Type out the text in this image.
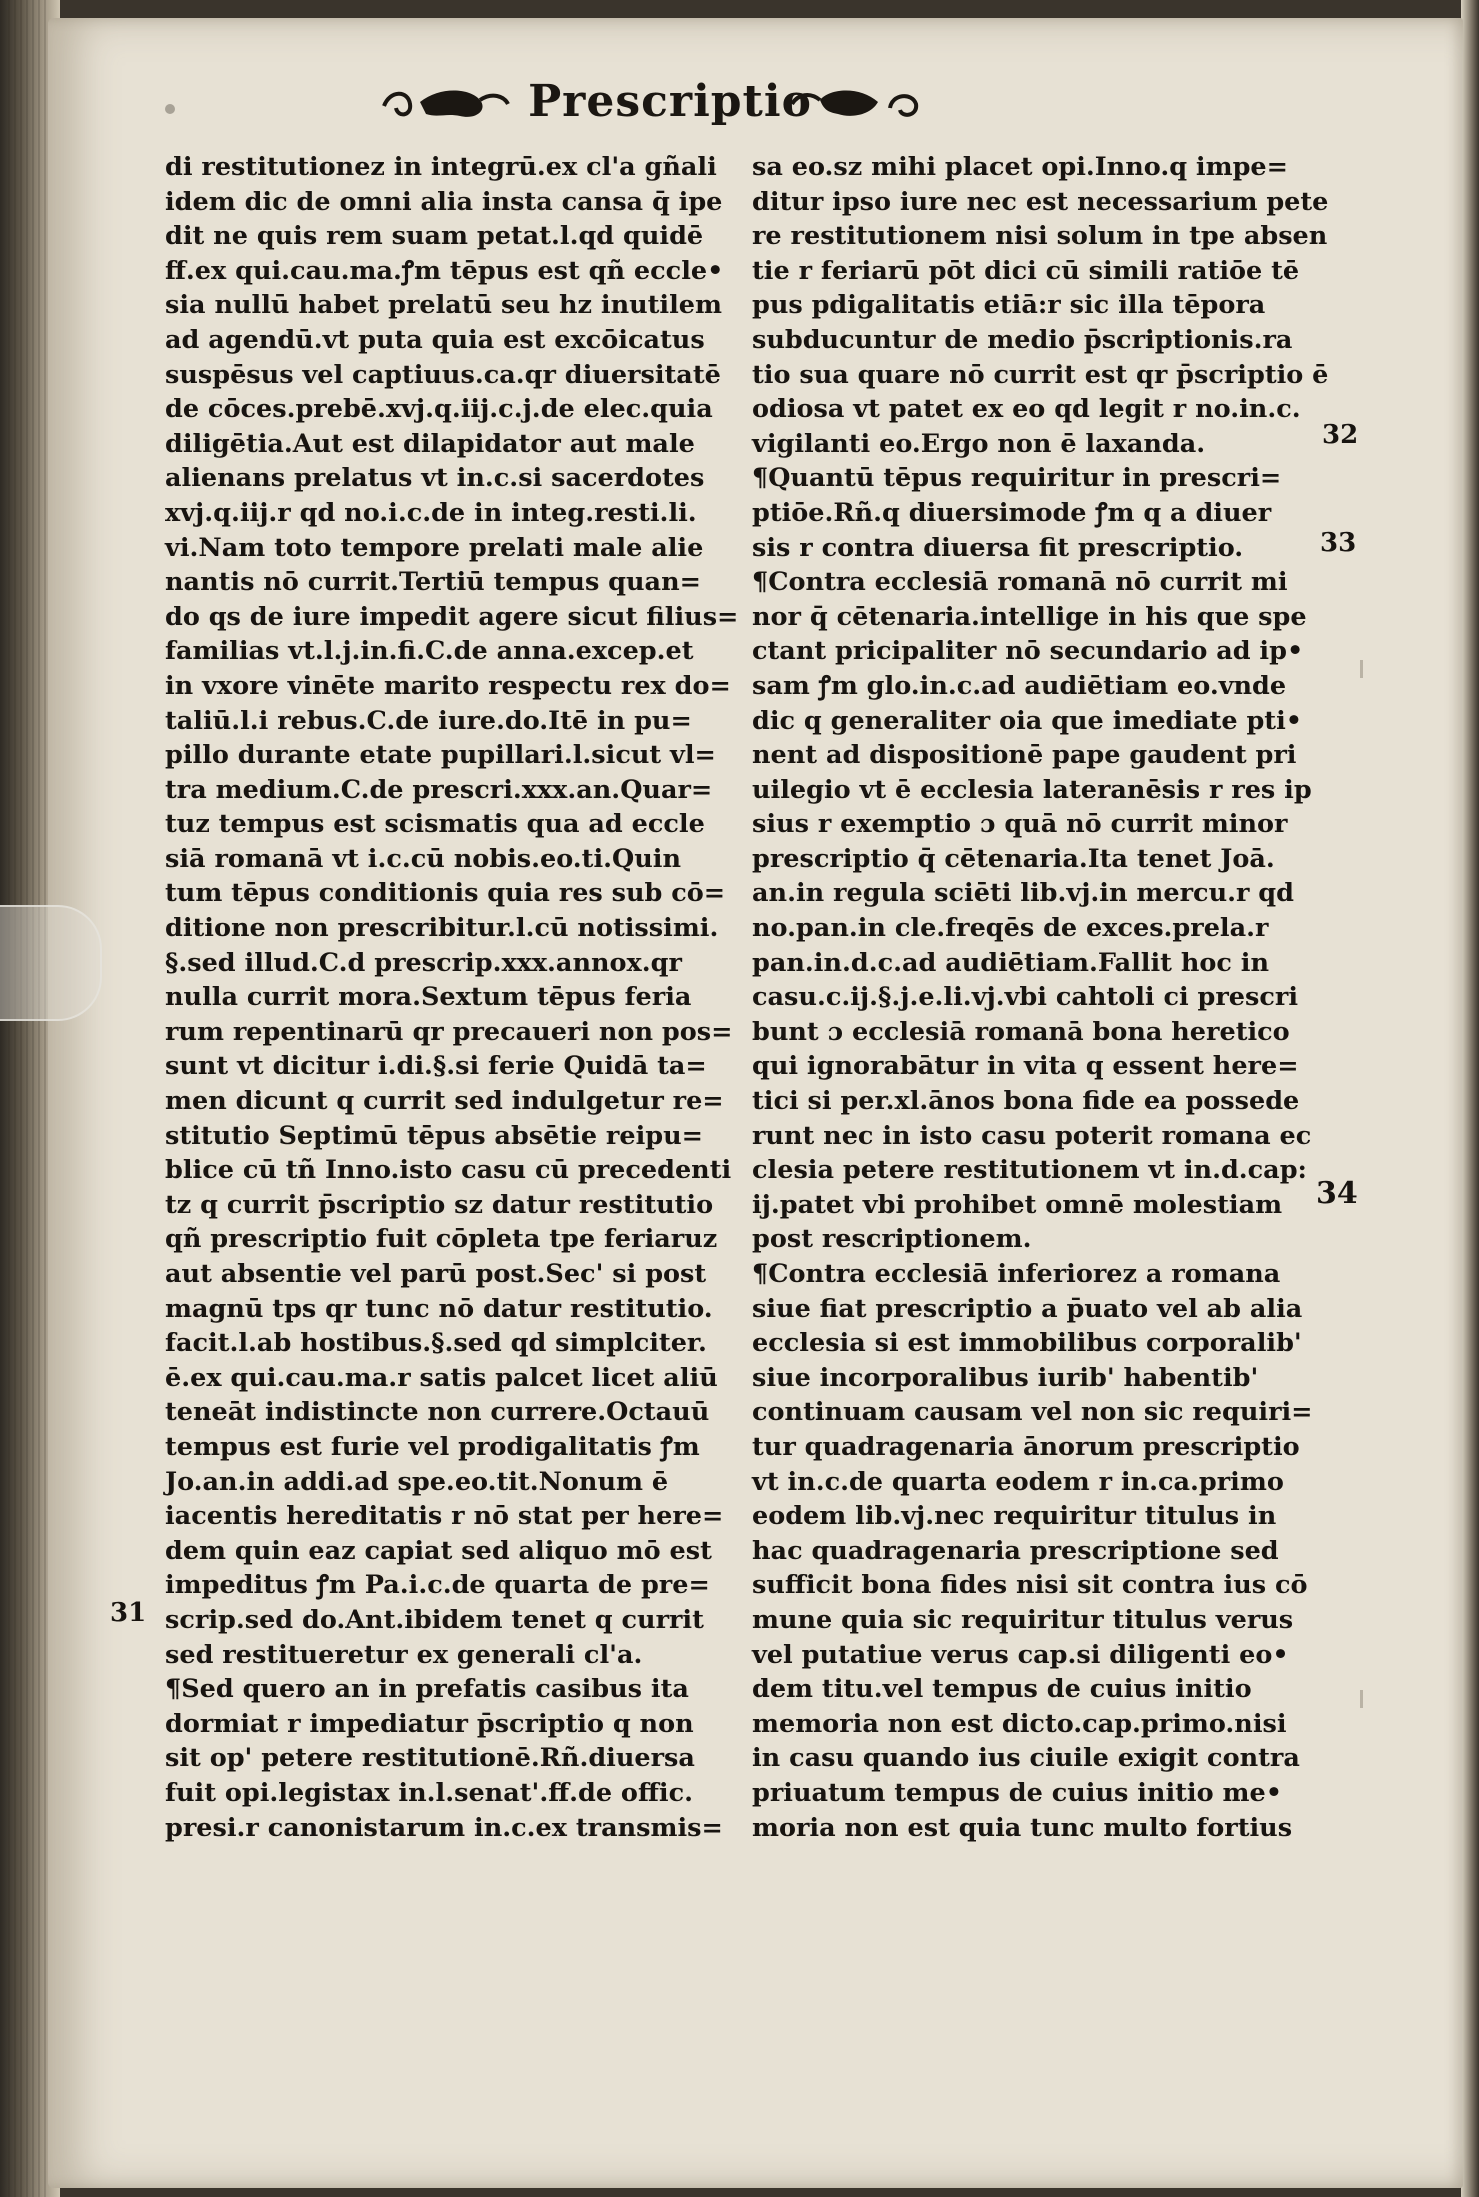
Prescriptio
di restitutionez in integrū.ex cl'a gñali
idem dic de omni alia insta cansa q̄ ipe
dit ne quis rem suam petat.l.qd quidē
ff.ex qui.cau.ma.ꝭm tēpus est qñ eccle•
sia nullū habet prelatū seu hz inutilem
ad agendū.vt puta quia est excōicatus
suspēsus vel captiuus.ca.qr diuersitatē
de cōces.prebē.xvj.q.iij.c.j.de elec.quia
diligētia.Aut est dilapidator aut male
alienans prelatus vt in.c.si sacerdotes
xvj.q.iij.r qd no.i.c.de in integ.resti.li.
vi.Nam toto tempore prelati male alie
nantis nō currit.Tertiū tempus quan=
do qs de iure impedit agere sicut filius=
familias vt.l.j.in.fi.C.de anna.excep.et
in vxore vinēte marito respectu rex do=
taliū.l.i rebus.C.de iure.do.Itē in pu=
pillo durante etate pupillari.l.sicut vl=
tra medium.C.de prescri.xxx.an.Quar=
tuz tempus est scismatis qua ad eccle
siā romanā vt i.c.cū nobis.eo.ti.Quin
tum tēpus conditionis quia res sub cō=
ditione non prescribitur.l.cū notissimi.
§.sed illud.C.d prescrip.xxx.annox.qr
nulla currit mora.Sextum tēpus feria
rum repentinarū qr precaueri non pos=
sunt vt dicitur i.di.§.si ferie Quidā ta=
men dicunt q currit sed indulgetur re=
stitutio Septimū tēpus absētie reipu=
blice cū tñ Inno.isto casu cū precedenti
tz q currit p̄scriptio sz datur restitutio
qñ prescriptio fuit cōpleta tpe feriaruz
aut absentie vel parū post.Sec' si post
magnū tps qr tunc nō datur restitutio.
facit.l.ab hostibus.§.sed qd simplciter.
ē.ex qui.cau.ma.r satis palcet licet aliū
teneāt indistincte non currere.Octauū
tempus est furie vel prodigalitatis ꝭm
Jo.an.in addi.ad spe.eo.tit.Nonum ē
iacentis hereditatis r nō stat per here=
dem quin eaz capiat sed aliquo mō est
impeditus ꝭm Pa.i.c.de quarta de pre=
scrip.sed do.Ant.ibidem tenet q currit
sed restitueretur ex generali cl'a.
¶Sed quero an in prefatis casibus ita
dormiat r impediatur p̄scriptio q non
sit op' petere restitutionē.Rñ.diuersa
fuit opi.legistax in.l.senat'.ff.de offic.
presi.r canonistarum in.c.ex transmis=
sa eo.sz mihi placet opi.Inno.q impe=
ditur ipso iure nec est necessarium pete
re restitutionem nisi solum in tpe absen
tie r feriarū pōt dici cū simili ratiōe tē
pus pdigalitatis etiā:r sic illa tēpora
subducuntur de medio p̄scriptionis.ra
tio sua quare nō currit est qr p̄scriptio ē
odiosa vt patet ex eo qd legit r no.in.c.
vigilanti eo.Ergo non ē laxanda.
¶Quantū tēpus requiritur in prescri=
ptiōe.Rñ.q diuersimode ꝭm q a diuer
sis r contra diuersa fit prescriptio.
¶Contra ecclesiā romanā nō currit mi
nor q̄ cētenaria.intellige in his que spe
ctant pricipaliter nō secundario ad ip•
sam ꝭm glo.in.c.ad audiētiam eo.vnde
dic q generaliter oia que imediate pti•
nent ad dispositionē pape gaudent pri
uilegio vt ē ecclesia lateranēsis r res ip
sius r exemptio ɔ quā nō currit minor
prescriptio q̄ cētenaria.Ita tenet Joā.
an.in regula sciēti lib.vj.in mercu.r qd
no.pan.in cle.freqēs de exces.prela.r
pan.in.d.c.ad audiētiam.Fallit hoc in
casu.c.ij.§.j.e.li.vj.vbi cahtoli ci prescri
bunt ɔ ecclesiā romanā bona heretico
qui ignorabātur in vita q essent here=
tici si per.xl.ānos bona fide ea possede
runt nec in isto casu poterit romana ec
clesia petere restitutionem vt in.d.cap:
ij.patet vbi prohibet omnē molestiam
post rescriptionem.
¶Contra ecclesiā inferiorez a romana
siue fiat prescriptio a p̄uato vel ab alia
ecclesia si est immobilibus corporalib'
siue incorporalibus iurib' habentib'
continuam causam vel non sic requiri=
tur quadragenaria ānorum prescriptio
vt in.c.de quarta eodem r in.ca.primo
eodem lib.vj.nec requiritur titulus in
hac quadragenaria prescriptione sed
sufficit bona fides nisi sit contra ius cō
mune quia sic requiritur titulus verus
vel putatiue verus cap.si diligenti eo•
dem titu.vel tempus de cuius initio
memoria non est dicto.cap.primo.nisi
in casu quando ius ciuile exigit contra
priuatum tempus de cuius initio me•
moria non est quia tunc multo fortius
31
32
33
34
